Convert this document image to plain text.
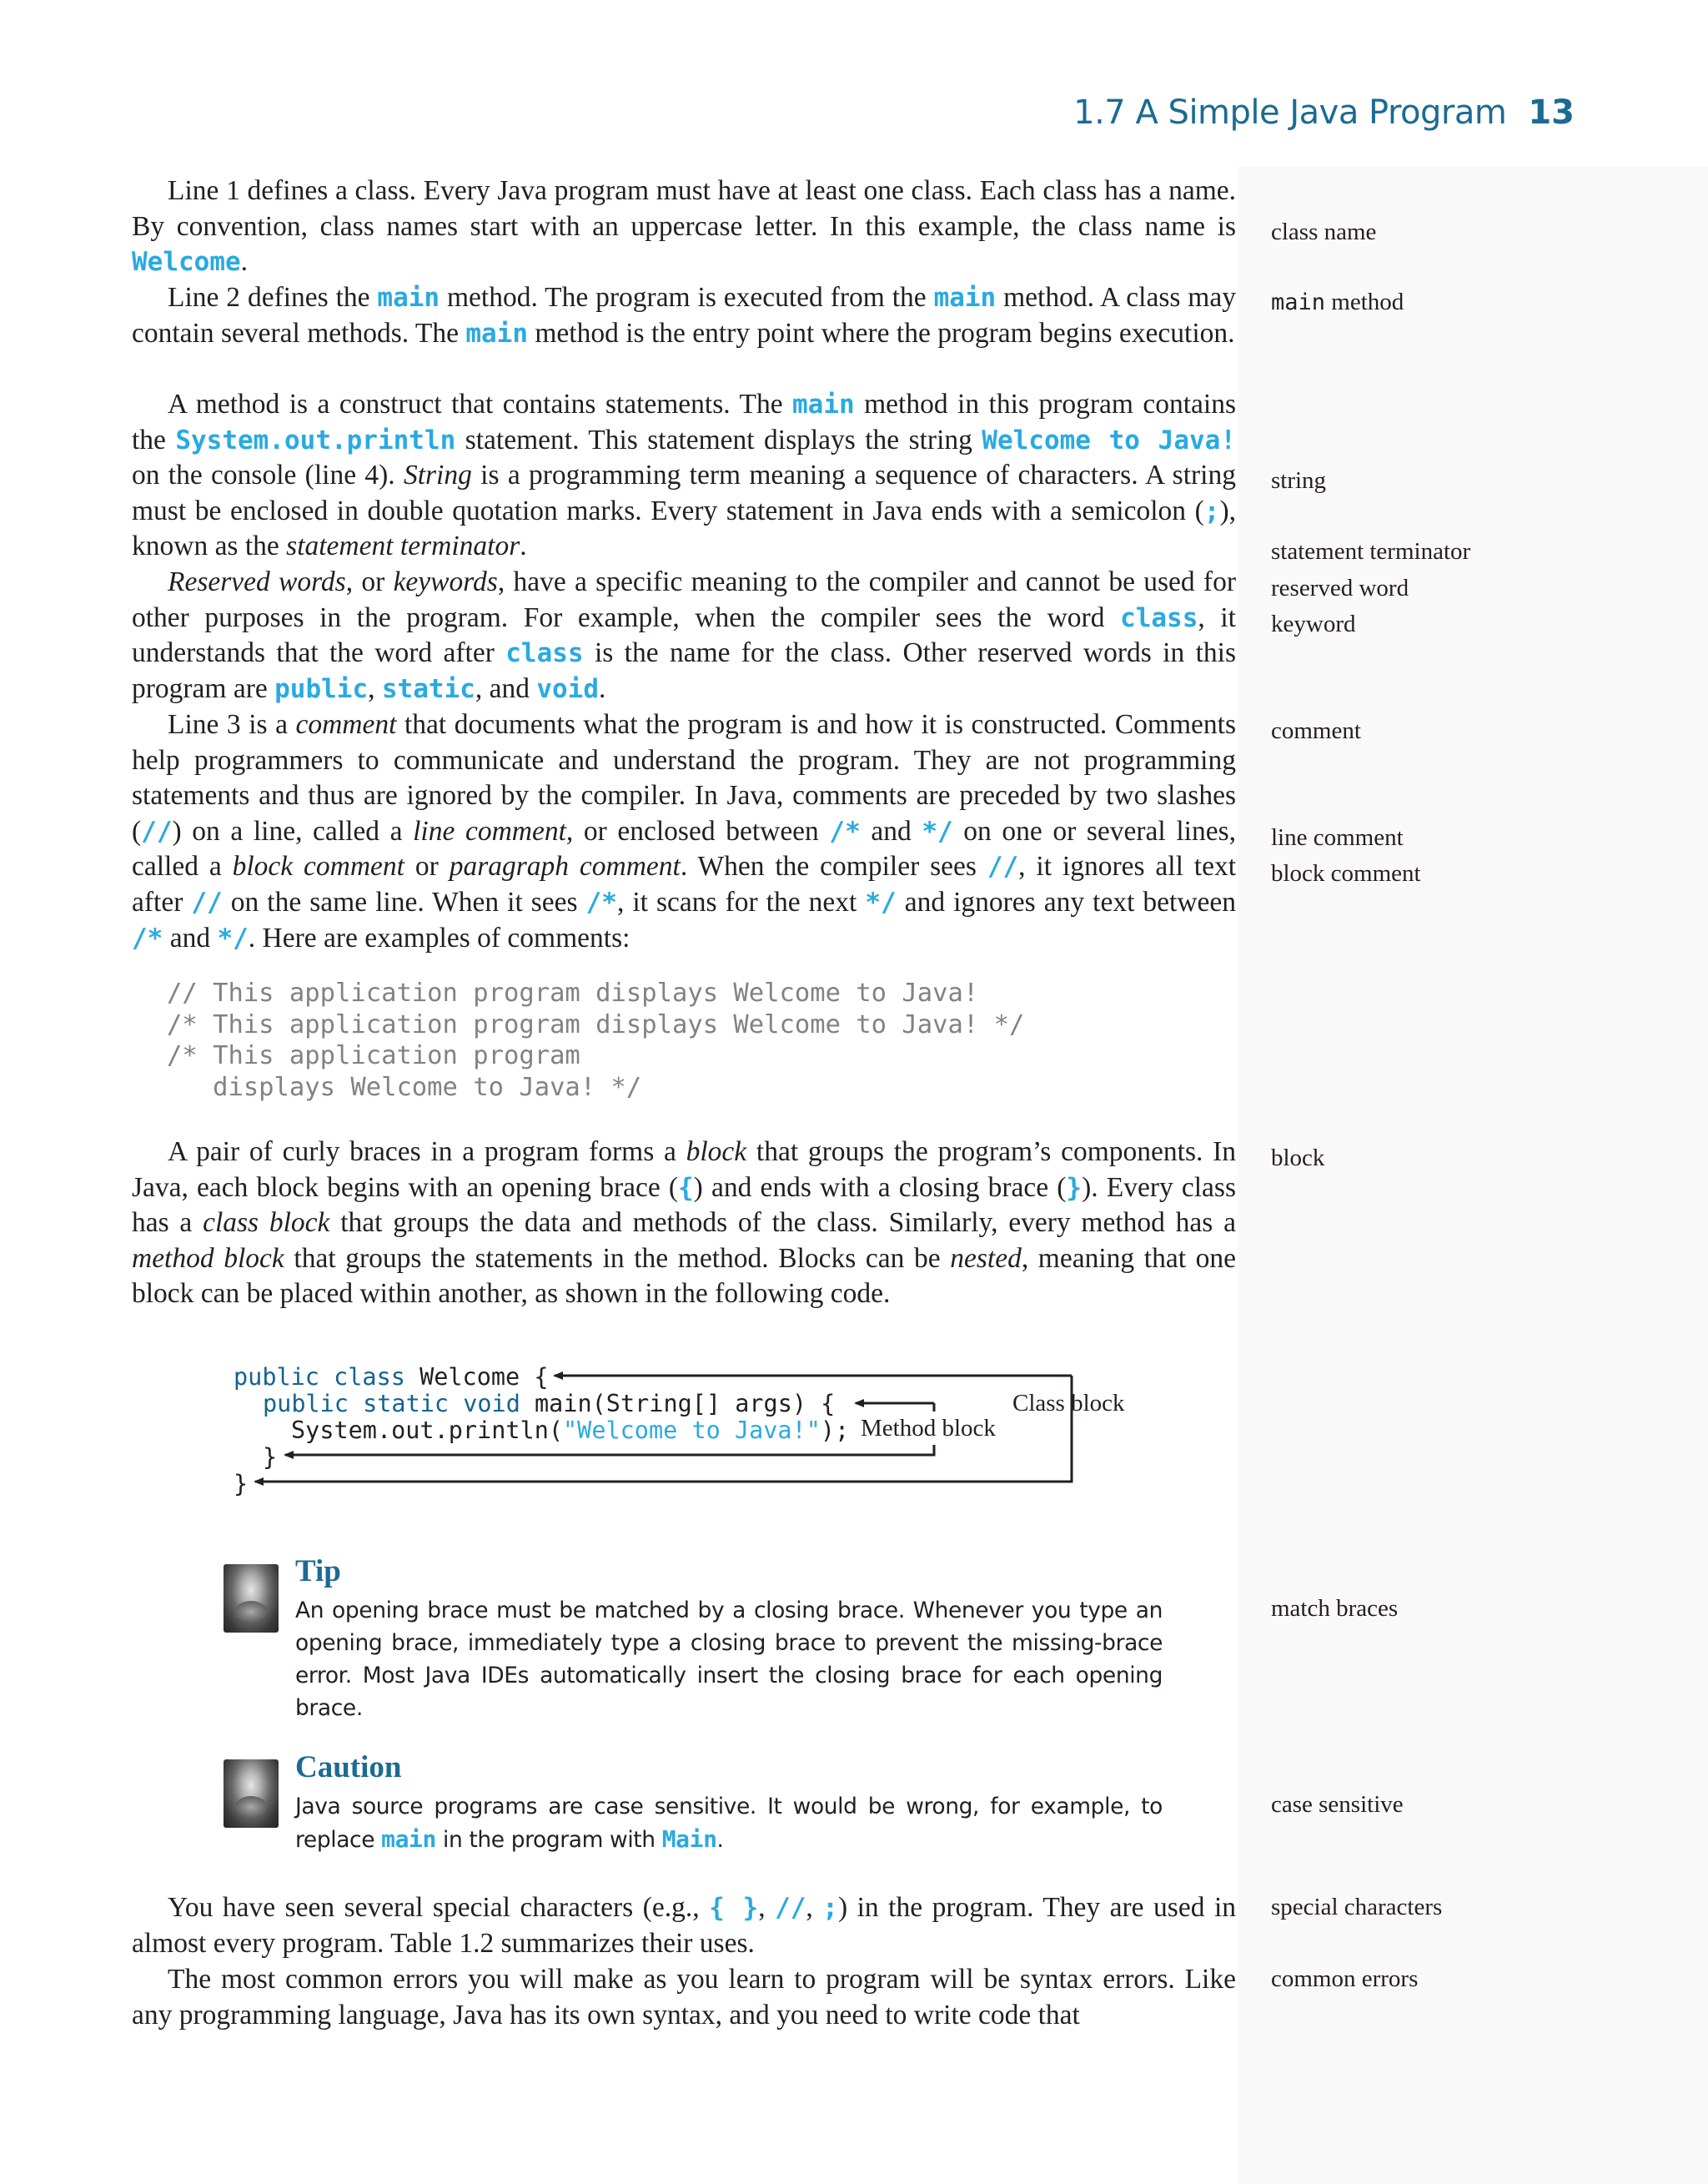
1.7 A Simple Java Program 13

Line 1 defines a class. Every Java program must have at least one class. Each class has a name. By convention, class names start with an uppercase letter. In this example, the class name is Welcome.

Line 2 defines the main method. The program is executed from the main method. A class may contain several methods. The main method is the entry point where the program begins execution.

A method is a construct that contains statements. The main method in this program contains the System.out.println statement. This statement displays the string Welcome to Java! on the console (line 4). String is a programming term meaning a sequence of characters. A string must be enclosed in double quotation marks. Every statement in Java ends with a semicolon (;), known as the statement terminator.

Reserved words, or keywords, have a specific meaning to the compiler and cannot be used for other purposes in the program. For example, when the compiler sees the word class, it understands that the word after class is the name for the class. Other reserved words in this program are public, static, and void.

Line 3 is a comment that documents what the program is and how it is constructed. Comments help programmers to communicate and understand the program. They are not programming statements and thus are ignored by the compiler. In Java, comments are preceded by two slashes (//) on a line, called a line comment, or enclosed between /* and */ on one or several lines, called a block comment or paragraph comment. When the compiler sees //, it ignores all text after // on the same line. When it sees /*, it scans for the next */ and ignores any text between /* and */. Here are examples of comments:

// This application program displays Welcome to Java!
/* This application program displays Welcome to Java! */
/* This application program
displays Welcome to Java! */

A pair of curly braces in a program forms a block that groups the program’s components. In Java, each block begins with an opening brace ({) and ends with a closing brace (}). Every class has a class block that groups the data and methods of the class. Similarly, every method has a method block that groups the statements in the method. Blocks can be nested, meaning that one block can be placed within another, as shown in the following code.

public class Welcome {
public static void main(String[] args) {
System.out.println("Welcome to Java!");
}
}
Class block
Method block
Tip

An opening brace must be matched by a closing brace. Whenever you type an opening brace, immediately type a closing brace to prevent the missing-brace error. Most Java IDEs automatically insert the closing brace for each opening brace.

Caution

Java source programs are case sensitive. It would be wrong, for example, to replace main in the program with Main.

You have seen several special characters (e.g., { }, //, ;) in the program. They are used in almost every program. Table 1.2 summarizes their uses.

The most common errors you will make as you learn to program will be syntax errors. Like any programming language, Java has its own syntax, and you need to write code that

class name
main method
string
statement terminator
reserved word
keyword
comment
line comment
block comment
block
match braces
case sensitive
special characters
common errors
